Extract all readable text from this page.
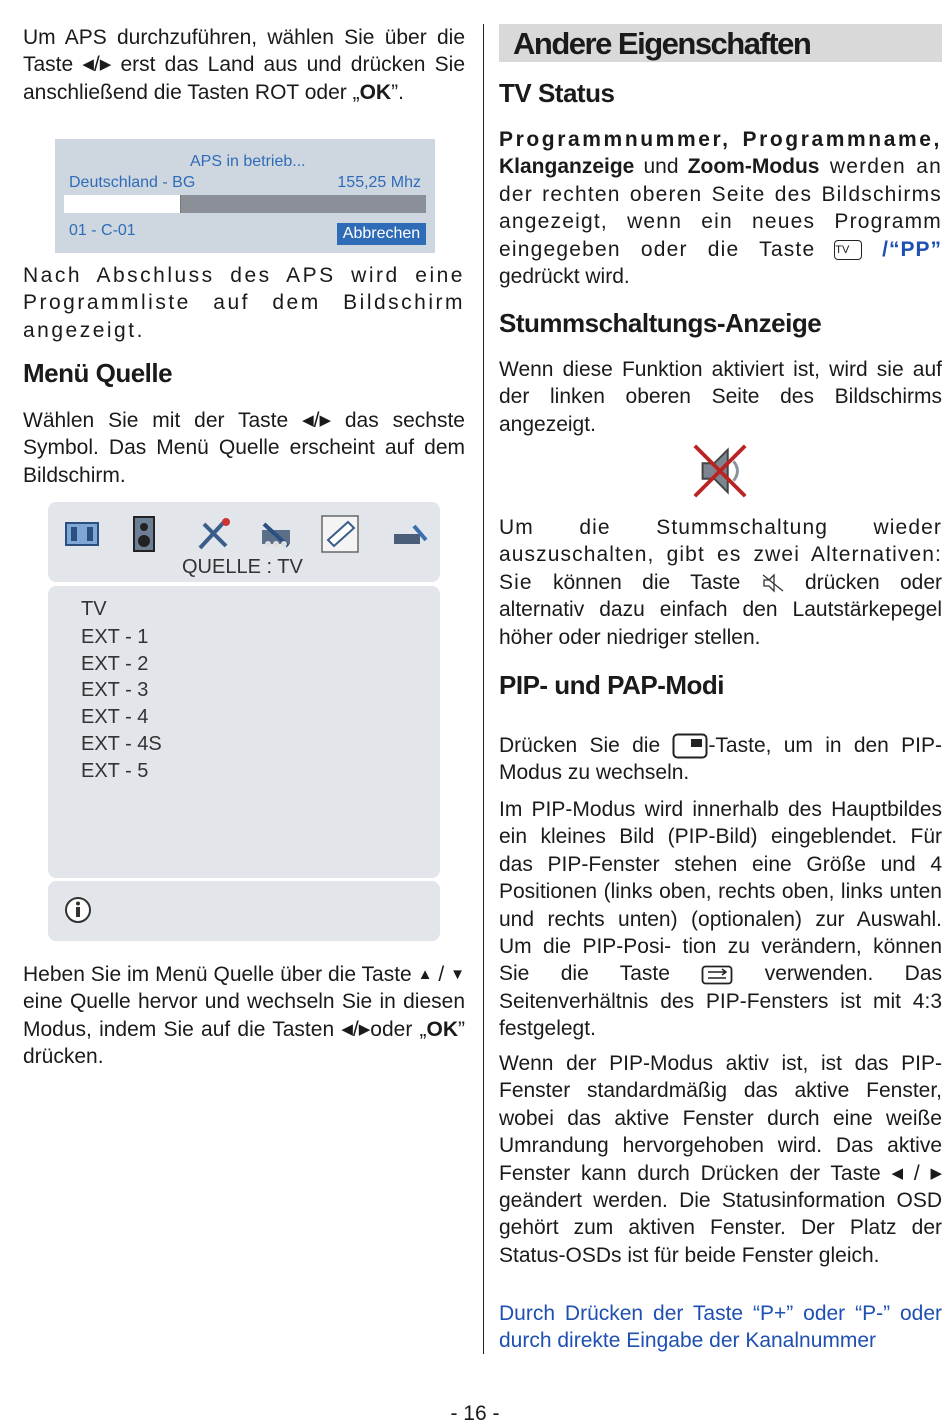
Um APS durchzuführen, wählen Sie über die Taste ◀/▶ erst das Land aus und drücken Sie anschließend die Tasten ROT oder „OK”.

APS in betrieb...
Deutschland - BG	155,25 Mhz
01 - C-01	Abbrechen

Nach Abschluss des APS wird eine Programmliste auf dem Bildschirm angezeigt.

Menü Quelle

Wählen Sie mit der Taste ◀/▶ das sechste Symbol. Das Menü Quelle erscheint auf dem Bildschirm.

QUELLE : TV
TV
EXT - 1
EXT - 2
EXT - 3
EXT - 4
EXT - 4S
EXT - 5

Heben Sie im Menü Quelle über die Taste ▲ / ▼ eine Quelle hervor und wechseln Sie in diesen Modus, indem Sie auf die Tasten ◀/▶oder „OK” drücken.

Andere Eigenschaften
TV Status

Programmnummer, Programmname, Klanganzeige und Zoom-Modus werden an der rechten oberen Seite des Bildschirms angezeigt, wenn ein neues Programm eingegeben oder die Taste TV /“PP” gedrückt wird.

Stummschaltungs-Anzeige

Wenn diese Funktion aktiviert ist, wird sie auf der linken oberen Seite des Bildschirms angezeigt.

Um die Stummschaltung wieder auszuschalten, gibt es zwei Alternativen: Sie können die Taste	drücken oder alternativ dazu einfach den Lautstärkepegel höher oder niedriger stellen.

PIP- und PAP-Modi

Drücken Sie die -Taste, um in den PIP-Modus zu wechseln.

Im PIP-Modus wird innerhalb des Hauptbildes ein kleines Bild (PIP-Bild) eingeblendet. Für das PIP-Fenster stehen eine Größe und 4 Positionen (links oben, rechts oben, links unten und rechts unten) (optionalen) zur Auswahl. Um die PIP-Posi- tion zu verändern, können Sie die Taste	verwenden. Das Seitenverhältnis des PIP-Fensters ist mit 4:3 festgelegt.

Wenn der PIP-Modus aktiv ist, ist das PIP-Fenster standardmäßig das aktive Fenster, wobei das aktive Fenster durch eine weiße Umrandung hervorgehoben wird. Das aktive Fenster kann durch Drücken der Taste ◀ / ▶ geändert werden. Die Statusinformation OSD gehört zum aktiven Fenster. Der Platz der Status-OSDs ist für beide Fenster gleich.

Durch Drücken der Taste “P+” oder “P-” oder durch direkte Eingabe der Kanalnummer

- 16 -
